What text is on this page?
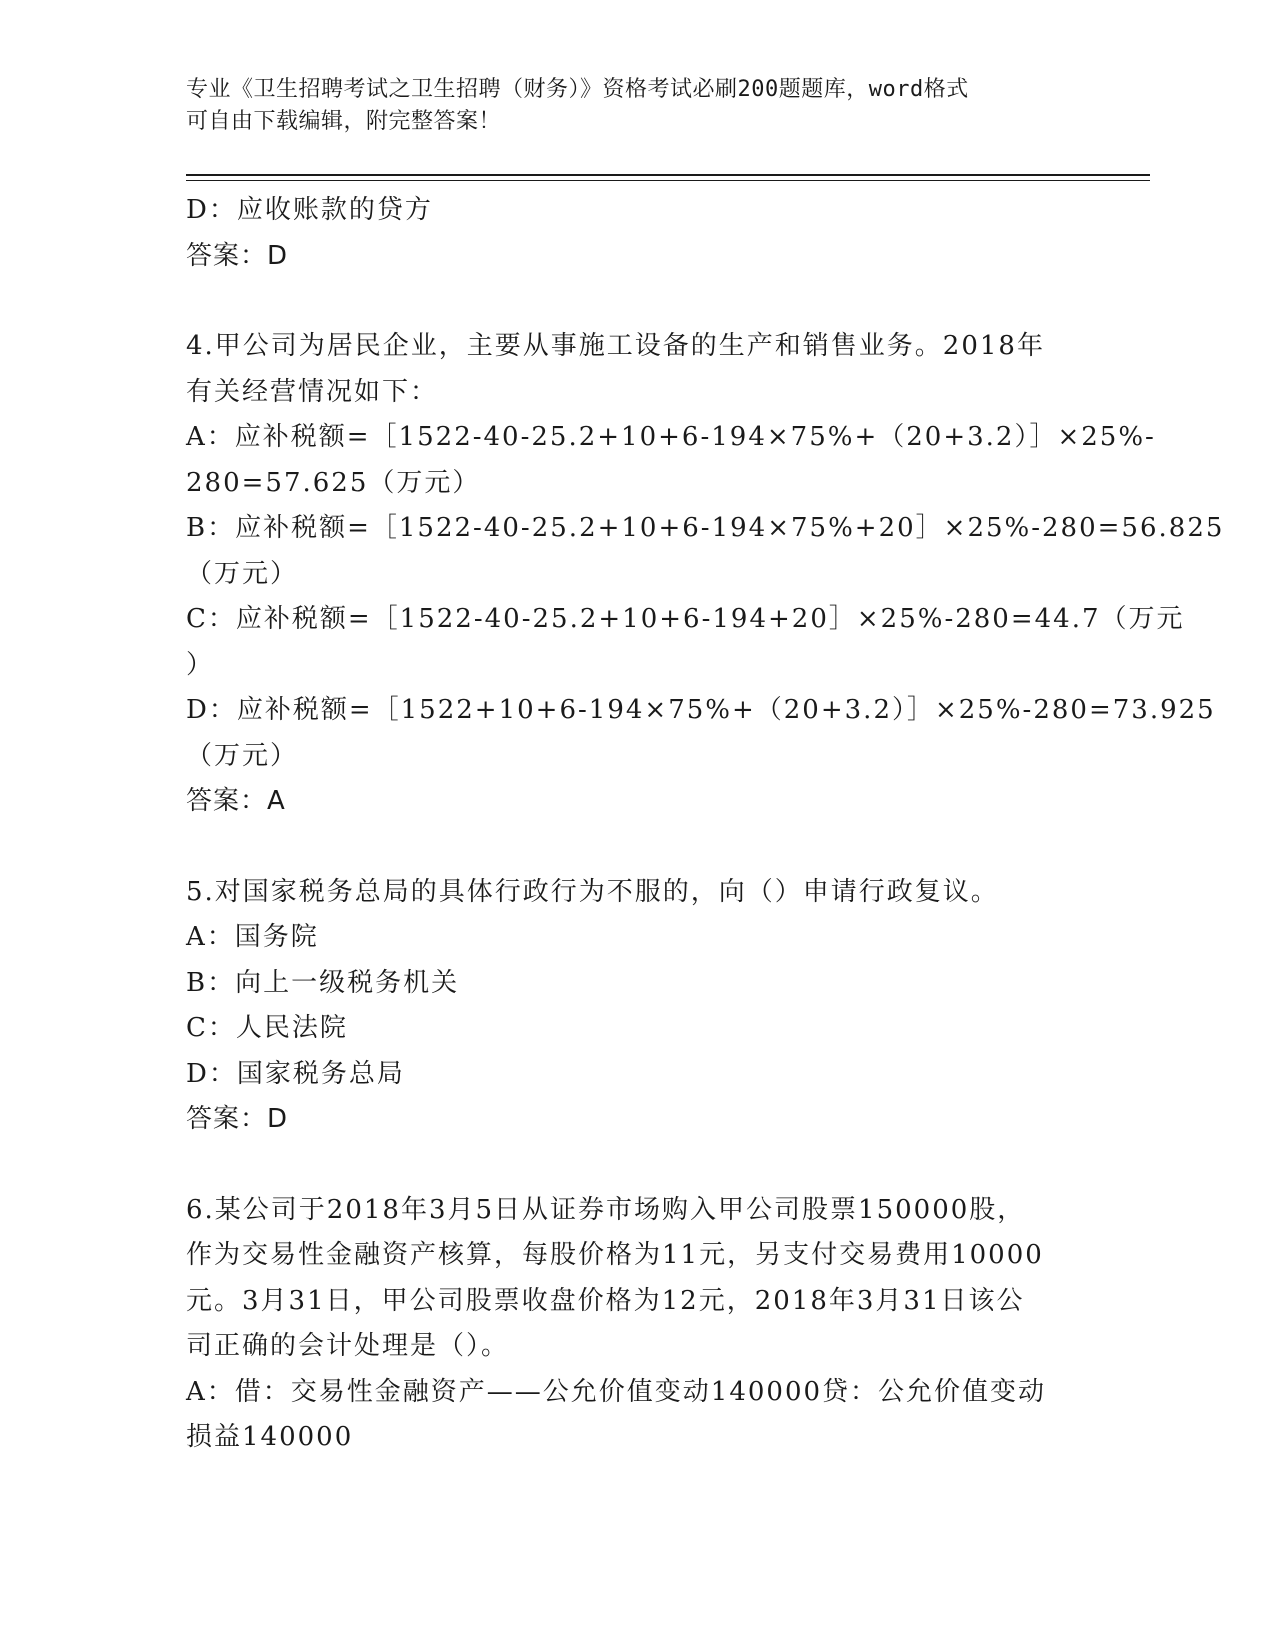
专业《卫生招聘考试之卫生招聘（财务）》资格考试必刷200题题库，word格式
可自由下载编辑，附完整答案！
D：应收账款的贷方
答案：D
4.甲公司为居民企业，主要从事施工设备的生产和销售业务。2018年
有关经营情况如下：
A：应补税额=［1522-40-25.2+10+6-194×75%+（20+3.2）］×25%-
280=57.625（万元）
B：应补税额=［1522-40-25.2+10+6-194×75%+20］×25%-280=56.825
（万元）
C：应补税额=［1522-40-25.2+10+6-194+20］×25%-280=44.7（万元
）
D：应补税额=［1522+10+6-194×75%+（20+3.2）］×25%-280=73.925
（万元）
答案：A
5.对国家税务总局的具体行政行为不服的，向（）申请行政复议。
A：国务院
B：向上一级税务机关
C：人民法院
D：国家税务总局
答案：D
6.某公司于2018年3月5日从证券市场购入甲公司股票150000股，
作为交易性金融资产核算，每股价格为11元，另支付交易费用10000
元。3月31日，甲公司股票收盘价格为12元，2018年3月31日该公
司正确的会计处理是（）。
A：借：交易性金融资产——公允价值变动140000贷：公允价值变动
损益140000
